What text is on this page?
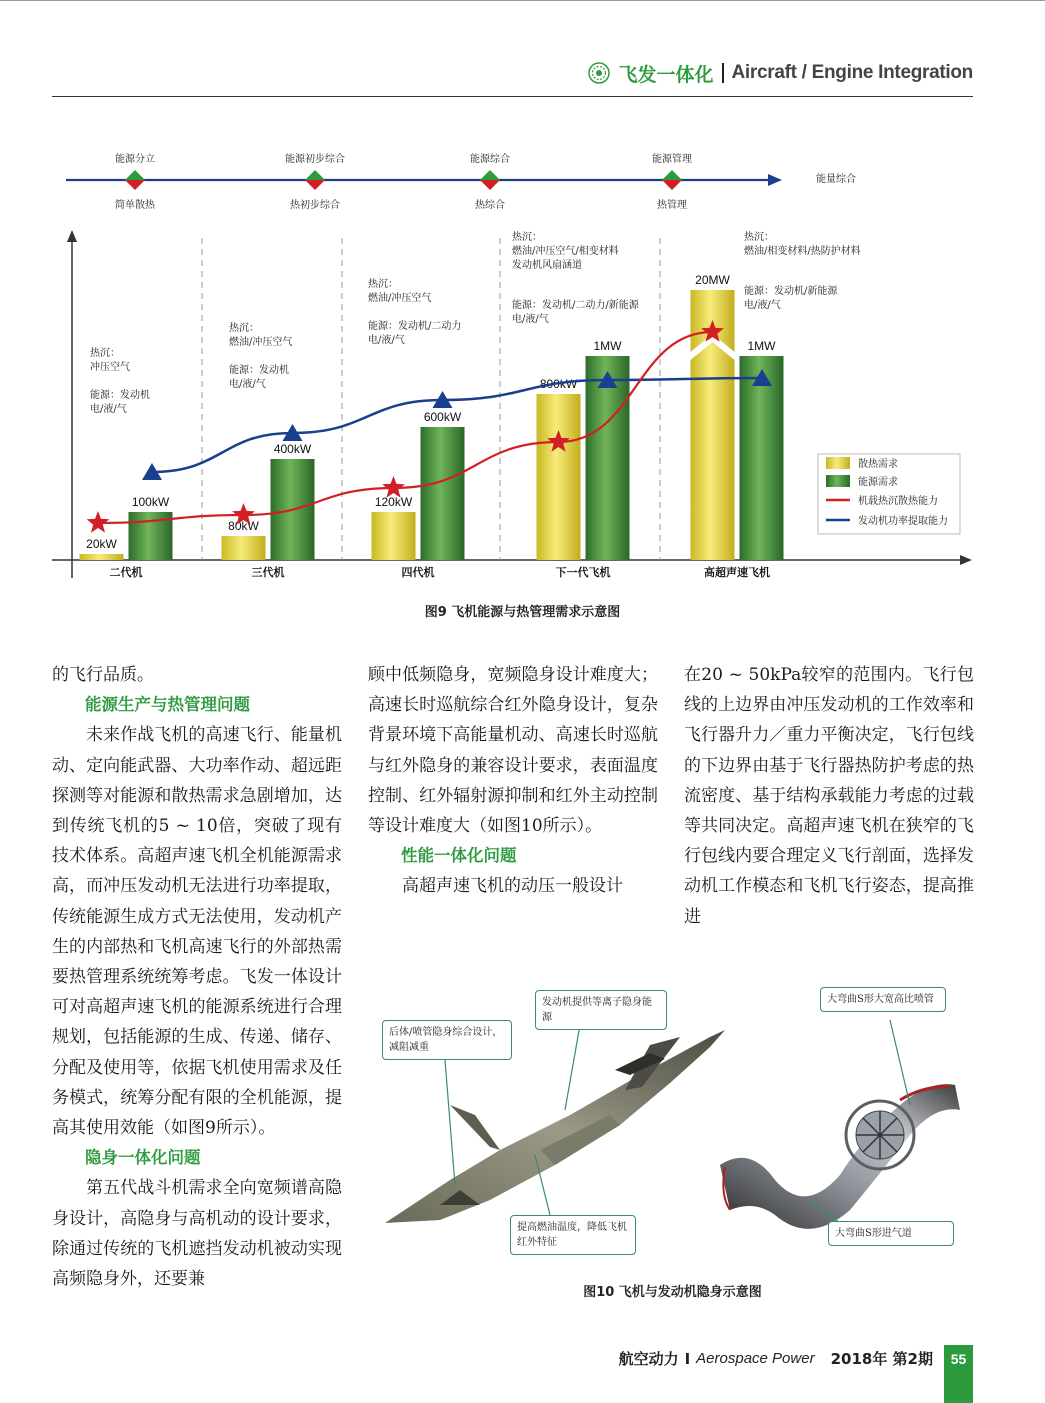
飞发一体化 Aircraft / Engine Integration
能源分立
简单散热
能源初步综合
热初步综合
能源综合
热综合
能源管理
热管理
能量综合
20kW
100kW
二代机
80kW
400kW
三代机
120kW
600kW
四代机
800kW
1MW
下一代飞机
20MW
1MW
高超声速飞机
热沉：
冲压空气
能源：发动机
电/液/气
热沉：
燃油/冲压空气
能源：发动机
电/液/气
热沉：
燃油/冲压空气
能源：发动机/二动力
电/液/气
热沉：
燃油/冲压空气/相变材料
发动机风扇涵道
能源：发动机/二动力/新能源
电/液/气
热沉：
燃油/相变材料/热防护材料
能源：发动机/新能源
电/液/气
散热需求
能源需求
机载热沉散热能力
发动机功率提取能力
图9 飞机能源与热管理需求示意图

的飞行品质。

能源生产与热管理问题

未来作战飞机的高速飞行、能量机动、定向能武器、大功率作动、超远距探测等对能源和散热需求急剧增加，达到传统飞机的5 ~ 10倍，突破了现有技术体系。高超声速飞机全机能源需求高，而冲压发动机无法进行功率提取，传统能源生成方式无法使用，发动机产生的内部热和飞机高速飞行的外部热需要热管理系统统筹考虑。飞发一体设计可对高超声速飞机的能源系统进行合理规划，包括能源的生成、传递、储存、分配及使用等，依据飞机使用需求及任务模式，统筹分配有限的全机能源，提高其使用效能（如图9所示）。

隐身一体化问题

第五代战斗机需求全向宽频谱高隐身设计，高隐身与高机动的设计要求，除通过传统的飞机遮挡发动机被动实现高频隐身外，还要兼

顾中低频隐身，宽频隐身设计难度大；高速长时巡航综合红外隐身设计，复杂背景环境下高能量机动、高速长时巡航与红外隐身的兼容设计要求，表面温度控制、红外辐射源抑制和红外主动控制等设计难度大（如图10所示）。

性能一体化问题

高超声速飞机的动压一般设计

在20 ~ 50kPa较窄的范围内。飞行包线的上边界由冲压发动机的工作效率和飞行器升力／重力平衡决定，飞行包线的下边界由基于飞行器热防护考虑的热流密度、基于结构承载能力考虑的过载等共同决定。高超声速飞机在狭窄的飞行包线内要合理定义飞行剖面，选择发动机工作模态和飞机飞行姿态，提高推进

后体/喷管隐身综合设计，减阻减重
发动机提供等离子隐身能源
提高燃油温度，降低飞机红外特征
大弯曲S形大宽高比喷管
大弯曲S形进气道
图10 飞机与发动机隐身示意图
航空动力 I Aerospace Power 2018年 第2期	55
